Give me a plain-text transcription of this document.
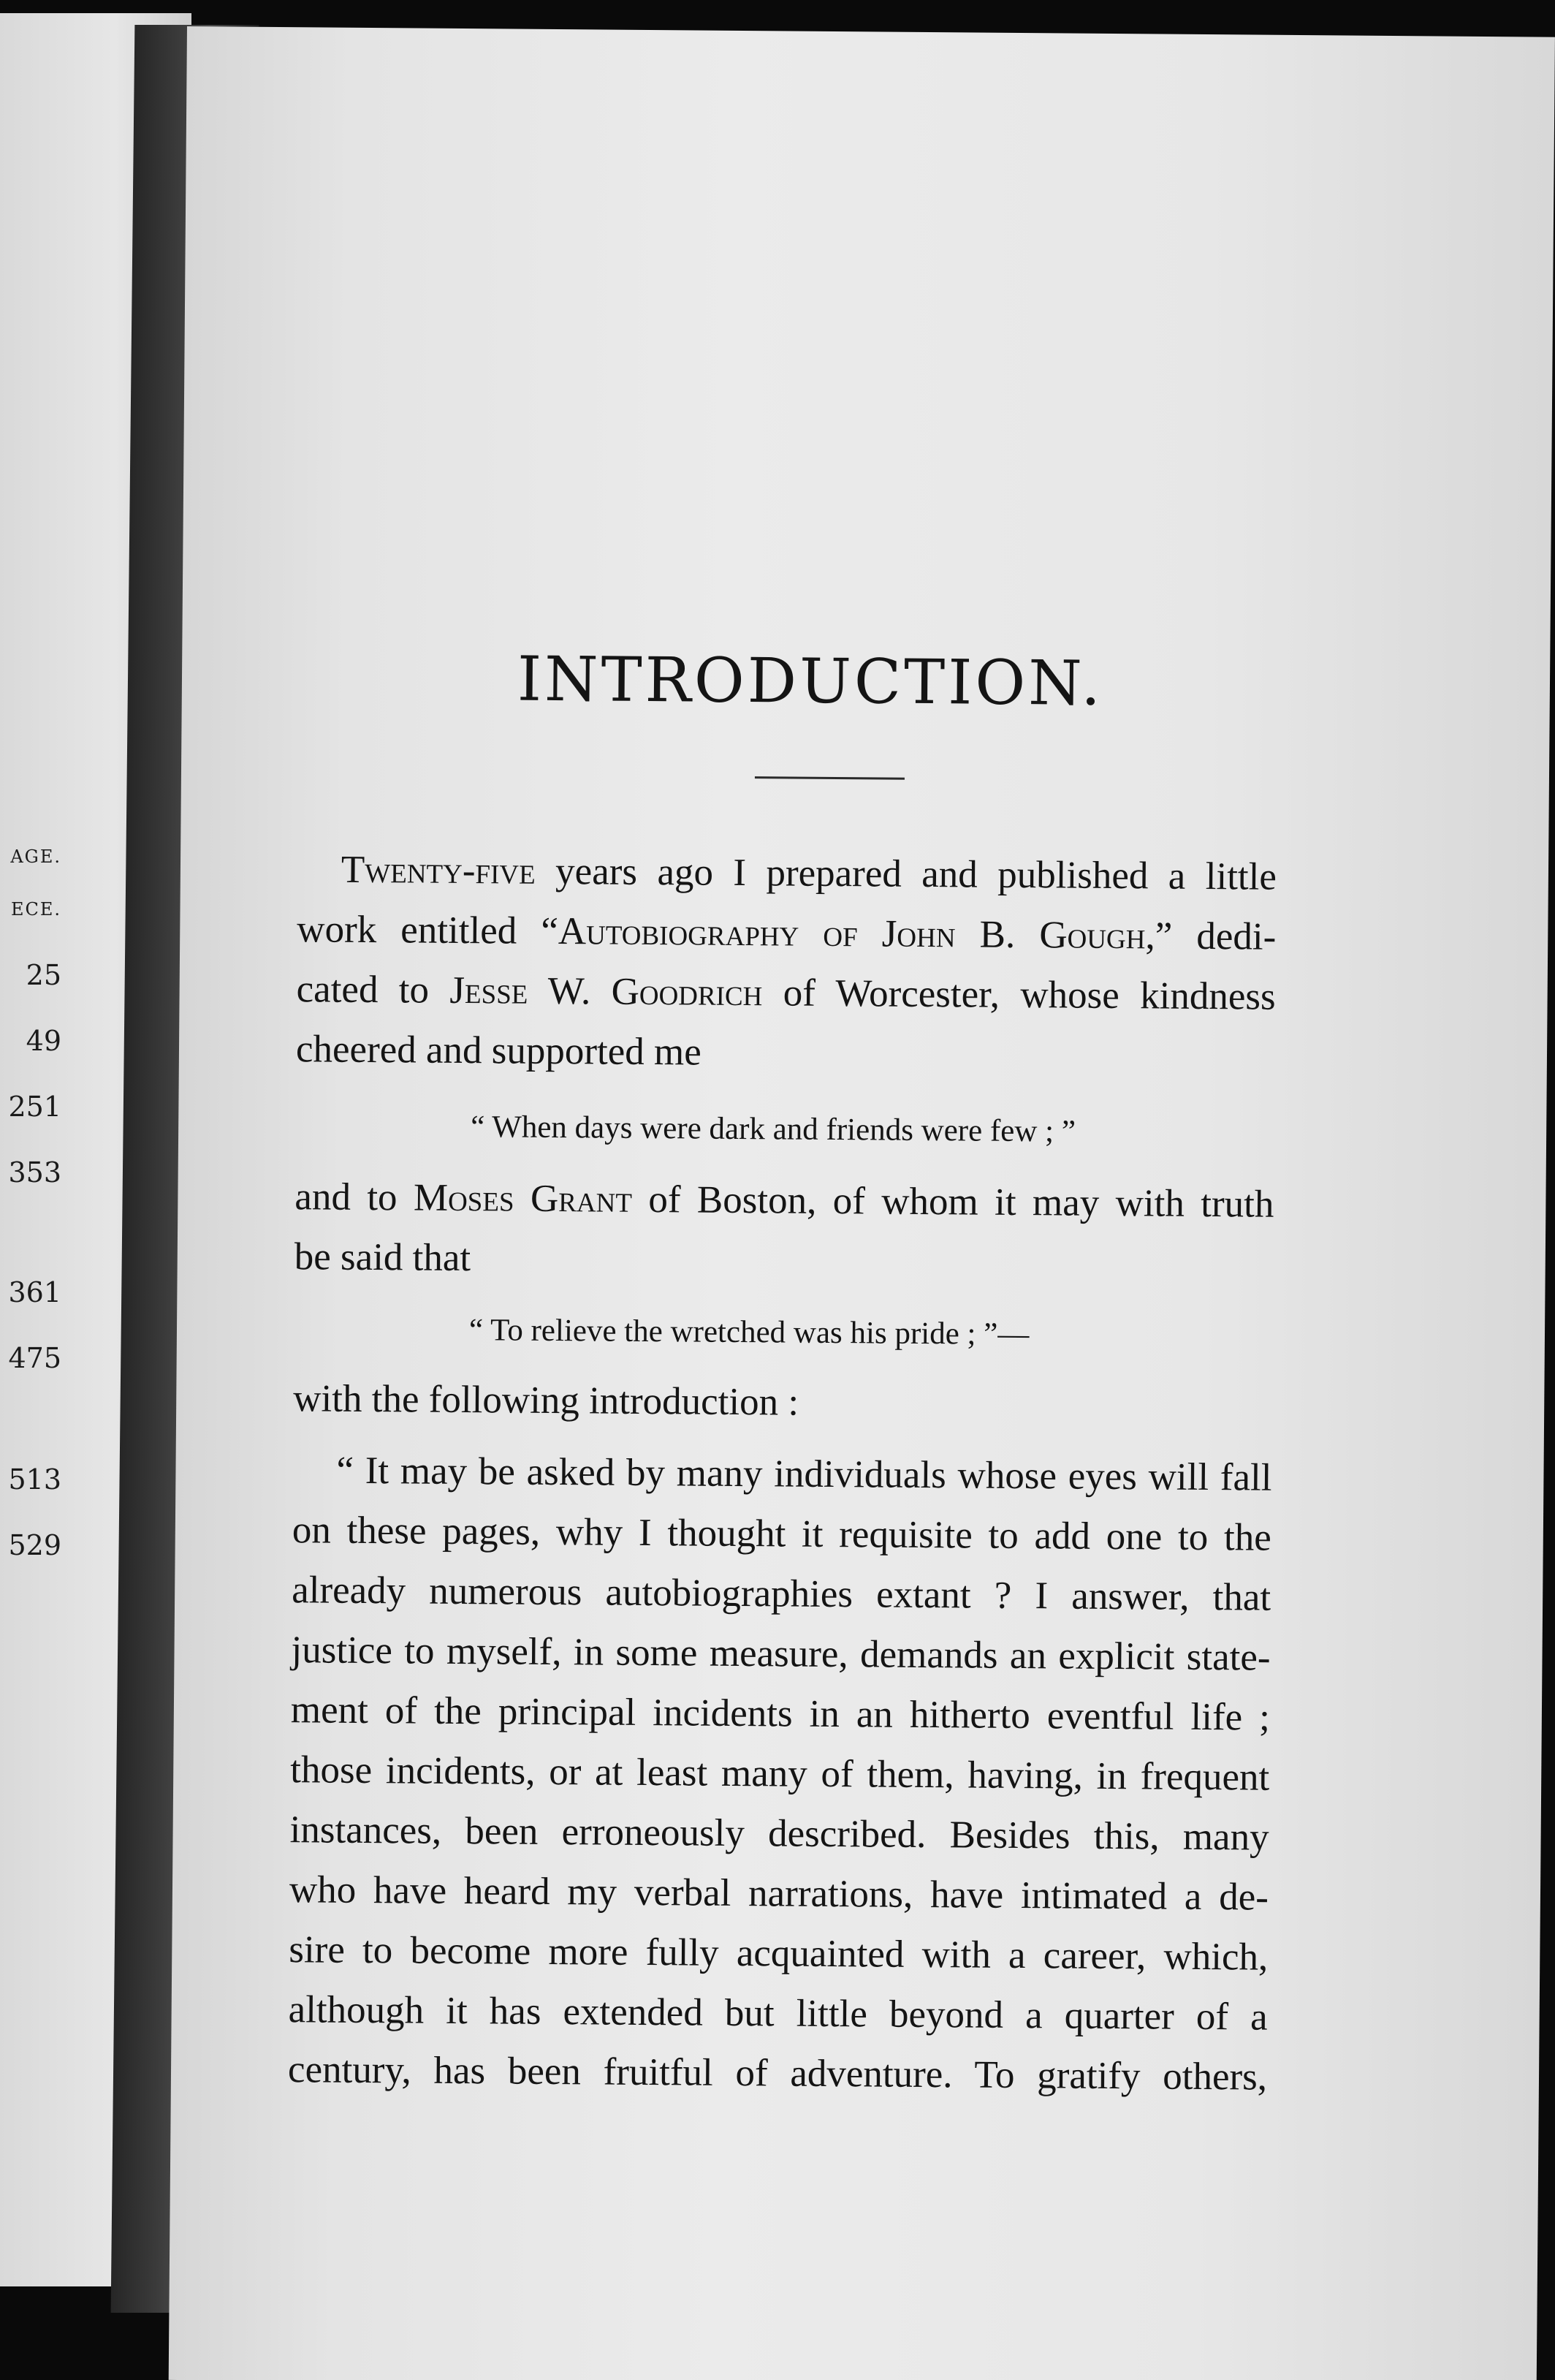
AGE.
ECE.
25
49
251
353
361
475
513
529
INTRODUCTION.
Twenty-five years ago I prepared and published a little
work entitled “Autobiography of John B. Gough,” dedi-
cated to Jesse W. Goodrich of Worcester, whose kindness
cheered and supported me
“ When days were dark and friends were few ; ”
and to Moses Grant of Boston, of whom it may with truth
be said that
“ To relieve the wretched was his pride ; ”—
with the following introduction :
“ It may be asked by many individuals whose eyes will fall
on these pages, why I thought it requisite to add one to the
already numerous autobiographies extant ? I answer, that
justice to myself, in some measure, demands an explicit state-
ment of the principal incidents in an hitherto eventful life ;
those incidents, or at least many of them, having, in frequent
instances, been erroneously described. Besides this, many
who have heard my verbal narrations, have intimated a de-
sire to become more fully acquainted with a career, which,
although it has extended but little beyond a quarter of a
century, has been fruitful of adventure. To gratify others,
